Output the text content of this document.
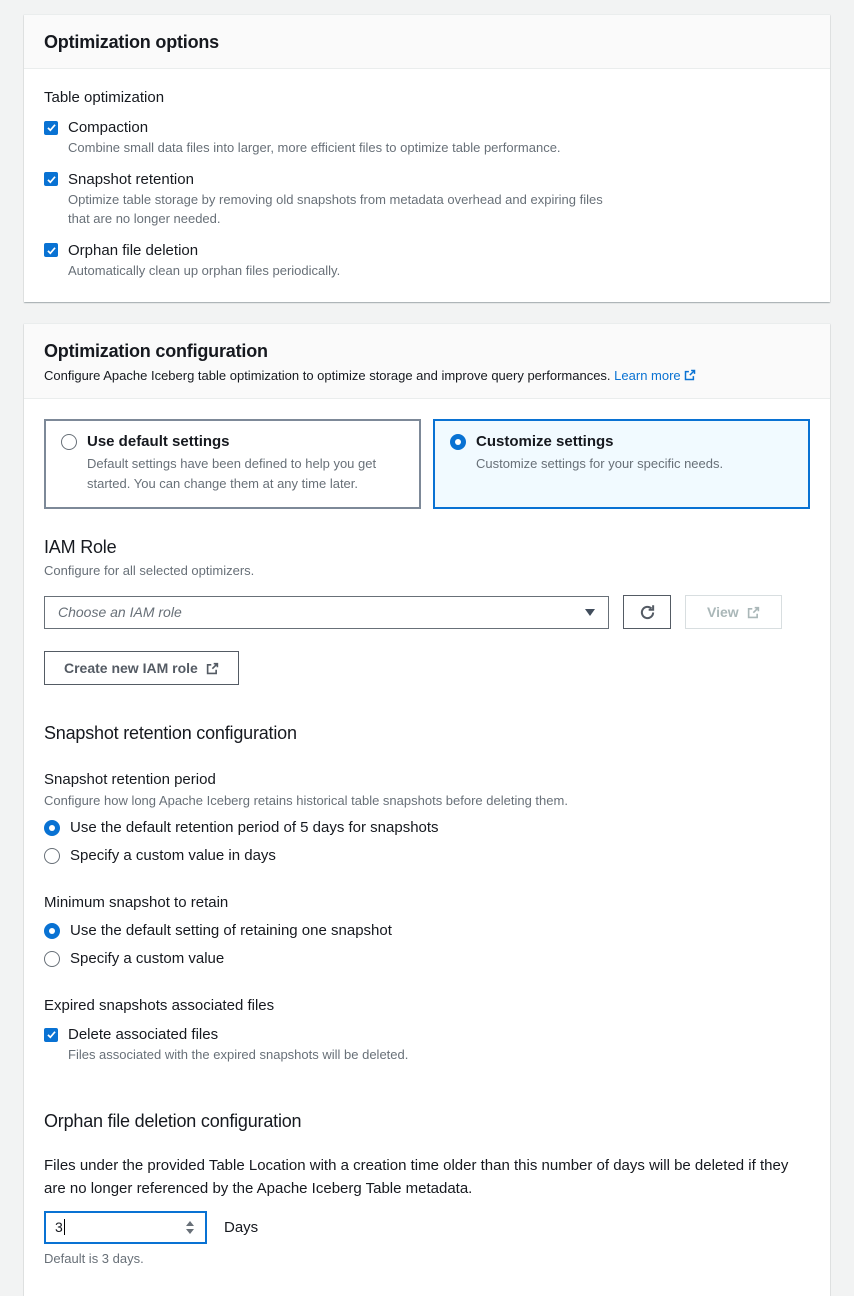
Optimization options
Table optimization
Compaction
Combine small data files into larger, more efficient files to optimize table performance.
Snapshot retention
Optimize table storage by removing old snapshots from metadata overhead and expiring files that are no longer needed.
Orphan file deletion
Automatically clean up orphan files periodically.
Optimization configuration
Configure Apache Iceberg table optimization to optimize storage and improve query performances. Learn more
Use default settings
Default settings have been defined to help you get started. You can change them at any time later.
Customize settings
Customize settings for your specific needs.
IAM Role
Configure for all selected optimizers.
Choose an IAM role	View
Create new IAM role
Snapshot retention configuration
Snapshot retention period
Configure how long Apache Iceberg retains historical table snapshots before deleting them.
Use the default retention period of 5 days for snapshots
Specify a custom value in days
Minimum snapshot to retain
Use the default setting of retaining one snapshot
Specify a custom value
Expired snapshots associated files
Delete associated files
Files associated with the expired snapshots will be deleted.
Orphan file deletion configuration

Files under the provided Table Location with a creation time older than this number of days will be deleted if they are no longer referenced by the Apache Iceberg Table metadata.

3	Days
Default is 3 days.
